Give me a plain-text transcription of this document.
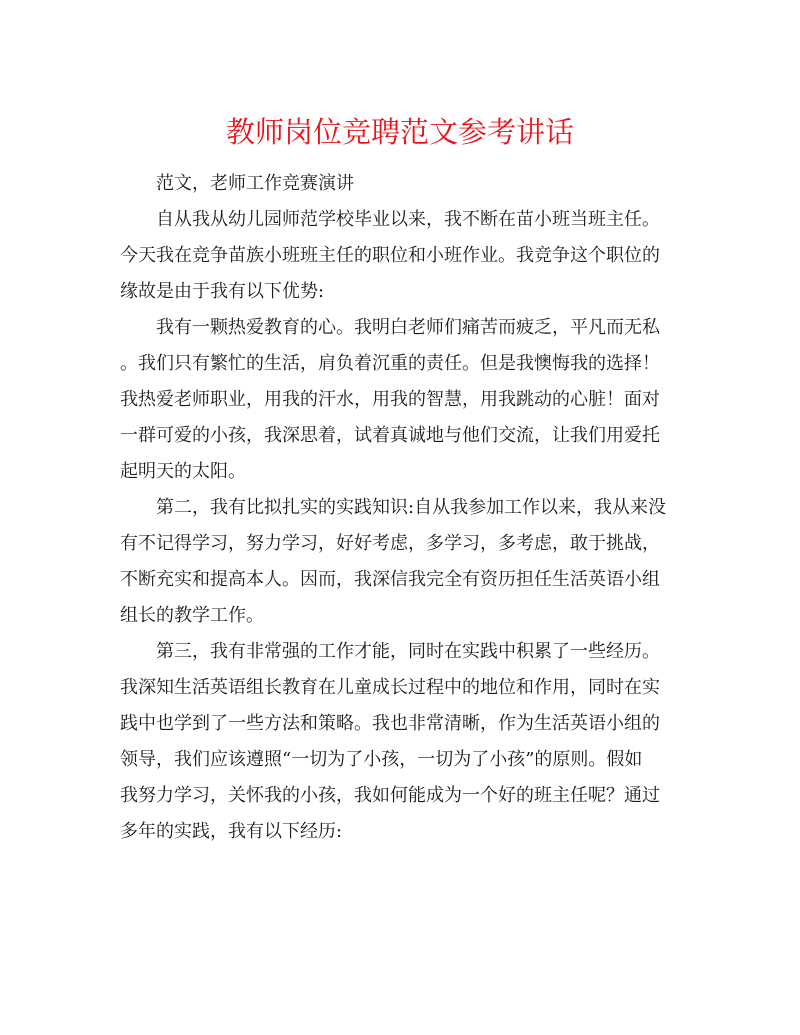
教师岗位竞聘范文参考讲话
范文，老师工作竞赛演讲
自从我从幼儿园师范学校毕业以来，我不断在苗小班当班主任。
今天我在竞争苗族小班班主任的职位和小班作业。我竞争这个职位的
缘故是由于我有以下优势:
我有一颗热爱教育的心。我明白老师们痛苦而疲乏，平凡而无私
。我们只有繁忙的生活，肩负着沉重的责任。但是我懊悔我的选择！
我热爱老师职业，用我的汗水，用我的智慧，用我跳动的心脏！面对
一群可爱的小孩，我深思着，试着真诚地与他们交流，让我们用爱托
起明天的太阳。
第二，我有比拟扎实的实践知识:自从我参加工作以来，我从来没
有不记得学习，努力学习，好好考虑，多学习，多考虑，敢于挑战，
不断充实和提高本人。因而，我深信我完全有资历担任生活英语小组
组长的教学工作。
第三，我有非常强的工作才能，同时在实践中积累了一些经历。
我深知生活英语组长教育在儿童成长过程中的地位和作用，同时在实
践中也学到了一些方法和策略。我也非常清晰，作为生活英语小组的
领导，我们应该遵照“一切为了小孩，一切为了小孩”的原则。假如
我努力学习，关怀我的小孩，我如何能成为一个好的班主任呢？通过
多年的实践，我有以下经历:
